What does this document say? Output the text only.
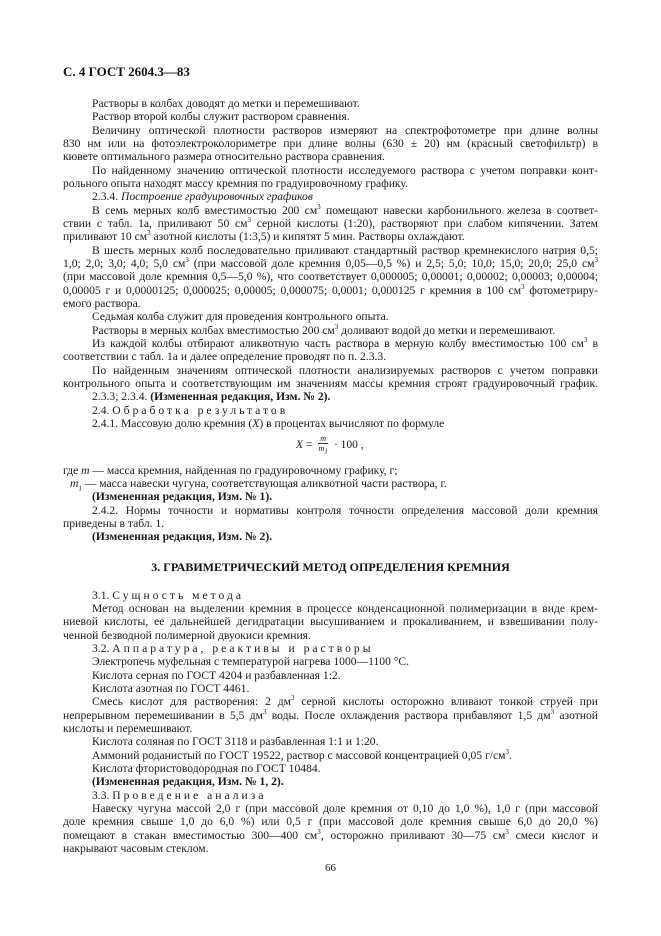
С. 4 ГОСТ 2604.3—83
Растворы в колбах доводят до метки и перемешивают.
Раствор второй колбы служит раствором сравнения.
Величину оптической плотности растворов измеряют на спектрофотометре при длине волны
830 нм или на фотоэлектроколориметре при длине волны (630 ± 20) нм (красный светофильтр) в
кювете оптимального размера относительно раствора сравнения.
По найденному значению оптической плотности исследуемого раствора с учетом поправки конт-
рольного опыта находят массу кремния по градуировочному графику.
2.3.4. Построение градуировочных графиков
В семь мерных колб вместимостью 200 $см^3$ помещают навески карбонильного железа в соответ-
ствии с табл. 1а, приливают 50 $см^3$ серной кислоты (1:20), растворяют при слабом кипячении. Затем
приливают 10 $см^3$ азотной кислоты (1:3,5) и кипятят 5 мин. Растворы охлаждают.
В шесть мерных колб последовательно приливают стандартный раствор кремнекислого натрия 0,5;
1,0; 2,0; 3,0; 4,0; 5,0 $см^3$ (при массовой доле кремния 0,05—0,5 %) и 2,5; 5,0; 10,0; 15,0; 20,0; 25,0 $см^3$
(при массовой доле кремния 0,5—5,0 %), что соответствует 0,000005; 0,00001; 0,00002; 0,00003; 0,00004;
0,00005 г и 0,0000125; 0,000025; 0,00005; 0,000075; 0,0001; 0,000125 г кремния в 100 $см^3$ фотометриру-
емого раствора.
Седьмая колба служит для проведения контрольного опыта.
Растворы в мерных колбах вместимостью 200 $см^3$ доливают водой до метки и перемешивают.
Из каждой колбы отбирают аликвотную часть раствора в мерную колбу вместимостью 100 $см^3$ в
соответствии с табл. 1а и далее определение проводят по п. 2.3.3.
По найденным значениям оптической плотности анализируемых растворов с учетом поправки
контрольного опыта и соответствующим им значениям массы кремния строят градуировочный график.
2.3.3; 2.3.4. (Измененная редакция, Изм. № 2).
2.4. Обработка результатов
2.4.1. Массовую долю кремния (X) в процентах вычисляют по формуле
$X = \frac{m}{m_1} \cdot 100$ ,
где m — масса кремния, найденная по градуировочному графику, г;
$m_1$ — масса навески чугуна, соответствующая аликвотной части раствора, г.
(Измененная редакция, Изм. № 1).
2.4.2. Нормы точности и нормативы контроля точности определения массовой доли кремния
приведены в табл. 1.
(Измененная редакция, Изм. № 2).
3. ГРАВИМЕТРИЧЕСКИЙ МЕТОД ОПРЕДЕЛЕНИЯ КРЕМНИЯ
3.1. Сущность метода
Метод основан на выделении кремния в процессе конденсационной полимеризации в виде крем-
ниевой кислоты, ее дальнейшей дегидратации высушиванием и прокаливанием, и взвешивании полу-
ченной безводной полимерной двуокиси кремния.
3.2. Аппаратура, реактивы и растворы
Электропечь муфельная с температурой нагрева 1000—1100 °С.
Кислота серная по ГОСТ 4204 и разбавленная 1:2.
Кислота азотная по ГОСТ 4461.
Смесь кислот для растворения: 2 $дм^3$ серной кислоты осторожно вливают тонкой струей при
непрерывном перемешивании в 5,5 $дм^3$ воды. После охлаждения раствора прибавляют 1,5 $дм^3$ азотной
кислоты и перемешивают.
Кислота соляная по ГОСТ 3118 и разбавленная 1:1 и 1:20.
Аммоний роданистый по ГОСТ 19522, раствор с массовой концентрацией 0,05 $г/см^3$.
Кислота фтористоводородная по ГОСТ 10484.
(Измененная редакция, Изм. № 1, 2).
3.3. Проведение анализа
Навеску чугуна массой 2,0 г (при массовой доле кремния от 0,10 до 1,0 %), 1,0 г (при массовой
доле кремния свыше 1,0 до 6,0 %) или 0,5 г (при массовой доле кремния свыше 6,0 до 20,0 %)
помещают в стакан вместимостью 300—400 $см^3$, осторожно приливают 30—75 $см^3$ смеси кислот и
накрывают часовым стеклом.
66
